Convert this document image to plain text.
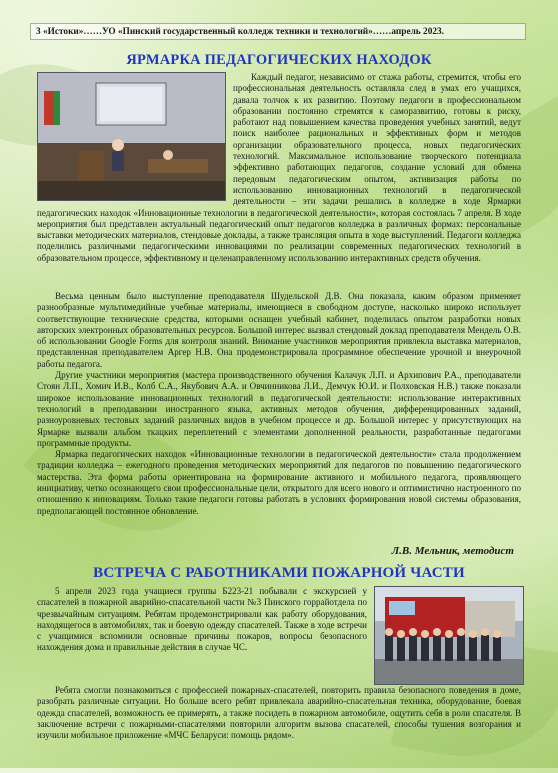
3 «Истоки»……УО «Пинский государственный колледж техники и технологий»……апрель 2023.
ЯРМАРКА ПЕДАГОГИЧЕСКИХ НАХОДОК

Каждый педагог, независимо от стажа работы, стремится, чтобы его профессиональная деятельность оставляла след в умах его учащихся, давала толчок к их развитию. Поэтому педагоги в профессиональном образовании постоянно стремятся к саморазвитию, готовы к риску, работают над повышением качества проведения учебных занятий, ведут поиск наиболее рациональных и эффективных форм и методов организации образовательного процесса, новых педагогических технологий. Максимальное использование творческого потенциала эффективно работающих педагогов, создание условий для обмена передовым педагогическим опытом, активизация работы по использованию инновационных технологий в педагогической деятельности – эти задачи решались в колледже в ходе Ярмарки педагогических находок «Инновационные технологии в педагогической деятельности», которая состоялась 7 апреля. В ходе мероприятия был представлен актуальный педагогический опыт педагогов колледжа в различных формах: персональные выставки методических материалов, стендовые доклады, а также трансляция опыта в ходе выступлений. Педагоги колледжа поделились различными педагогическими инновациями по реализации современных педагогических технологий в образовательном процессе, эффективному и целенаправленному использованию интерактивных средств обучения.

Весьма ценным было выступление преподавателя Шудельской Д.В. Она показала, каким образом применяет разнообразные мультимедийные учебные материалы, имеющиеся в свободном доступе, насколько широко использует соответствующие технические средства, которыми оснащен учебный кабинет, поделилась опытом разработки новых авторских электронных образовательных ресурсов. Большой интерес вызвал стендовый доклад преподавателя Мендель О.В. об использовании Google Forms для контроля знаний. Вниманиe участников мероприятия привлекла выставка материалов, представленная преподавателем Аргер Н.В. Она продемонстрировала программное обеспечение урочной и внеурочной работы педагога.

Другие участники мероприятия (мастера производственного обучения Калачук Л.П. и Архипович Р.А., преподаватели Стоян Л.П., Хомич И.В., Колб С.А., Якубович А.А. и Овчинникова Л.И., Демчук Ю.И. и Полховская Н.В.) также показали широкое использование инновационных технологий в педагогической деятельности: использование интерактивных технологий в преподавании иностранного языка, активных методов обучения, дифференцированных заданий, разноуровневых тестовых заданий различных видов в учебном процессе и др. Большой интерес у присутствующих на Ярмарке вызвали альбом ткацких переплетений с элементами дополненной реальности, разработанные педагогами программные продукты.

Ярмарка педагогических находок «Инновационные технологии в педагогической деятельности» стала продолжением традиции колледжа – ежегодного проведения методических мероприятий для педагогов по повышению педагогического мастерства. Эта форма работы ориентирована на формирование активного и мобильного педагога, проявляющего инициативу, четко осознающего свои профессиональные цели, открытого для всего нового и оптимистично настроенного по отношению к инновациям. Только такие педагоги готовы работать в условиях формирования новой системы образования, предполагающей постоянное обновление.

Л.В. Мельник, методист
ВСТРЕЧА С РАБОТНИКАМИ ПОЖАРНОЙ ЧАСТИ

5 апреля 2023 года учащиеся группы Б223-21 побывали с экскурсией у спасателей в пожарной аварийно-спасательной части №3 Пинского горрайотдела по чрезвычайным ситуациям. Ребятам продемонстрировали как работу оборудования, находящегося в автомобилях, так и боевую одежду спасателей. Также в ходе встречи с учащимися вспомнили основные причины пожаров, вопросы безопасного нахождения дома и правильные действия в случае ЧС.

Ребята смогли познакомиться с профессией пожарных-спасателей, повторить правила безопасного поведения в доме, разобрать различные ситуации. Но больше всего ребят привлекала аварийно-спасательная техника, оборудование, боевая одежда спасателей, возможность ее примерять, а также посидеть в пожарном автомобиле, ощутить себя в роли спасателя. В заключение встречи с пожарными-спасателями повторили алгоритм вызова спасателей, способы тушения возгорания и изучили мобильное приложение «МЧС Беларуси: помощь рядом».
